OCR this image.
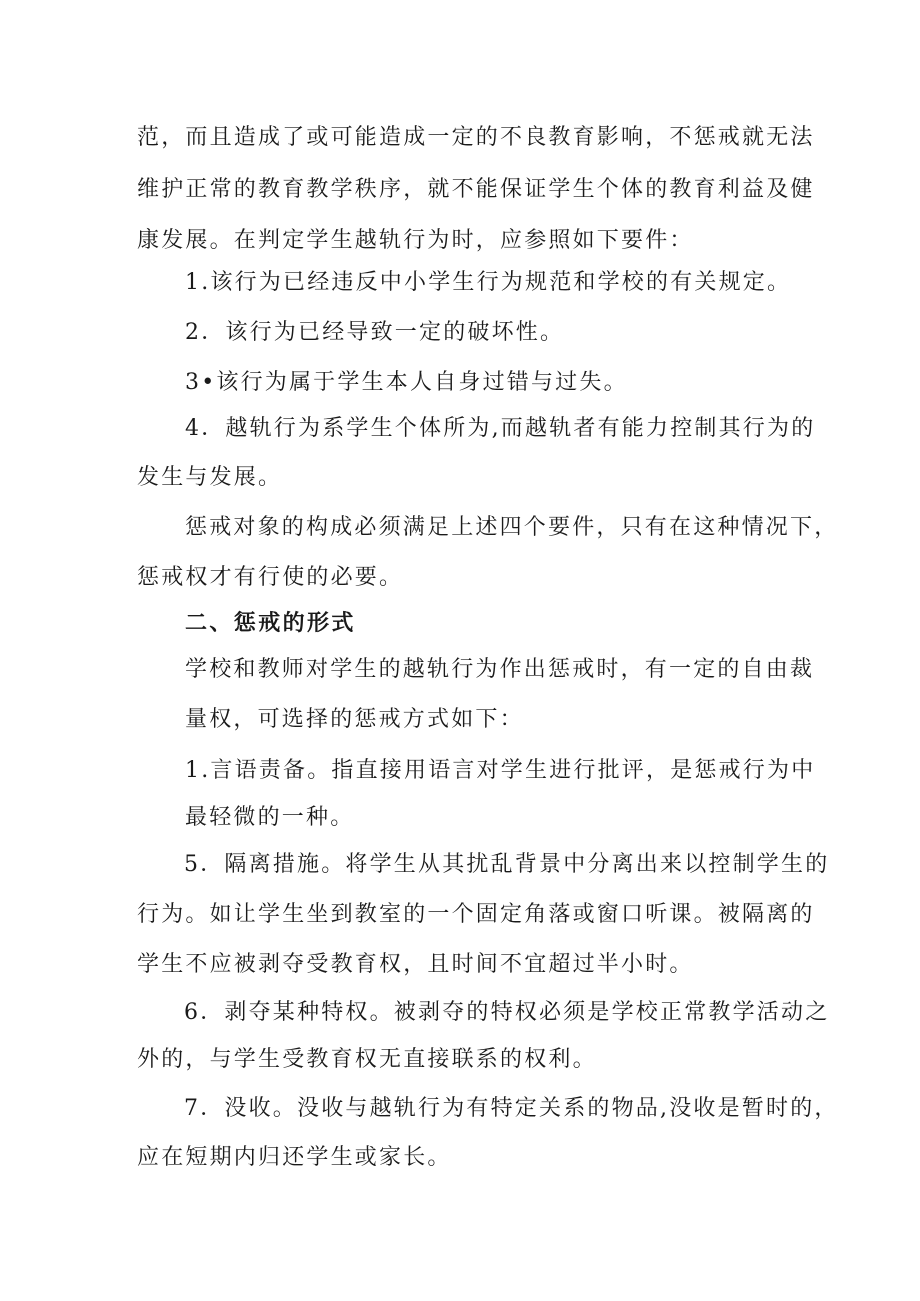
范，而且造成了或可能造成一定的不良教育影响，不惩戒就无法
维护正常的教育教学秩序，就不能保证学生个体的教育利益及健
康发展。在判定学生越轨行为时，应参照如下要件：
1.该行为已经违反中小学生行为规范和学校的有关规定。
2．该行为已经导致一定的破坏性。
3•该行为属于学生本人自身过错与过失。
4．越轨行为系学生个体所为,而越轨者有能力控制其行为的
发生与发展。
惩戒对象的构成必须满足上述四个要件，只有在这种情况下，
惩戒权才有行使的必要。
二、惩戒的形式
学校和教师对学生的越轨行为作出惩戒时，有一定的自由裁
量权，可选择的惩戒方式如下：
1.言语责备。指直接用语言对学生进行批评，是惩戒行为中
最轻微的一种。
5．隔离措施。将学生从其扰乱背景中分离出来以控制学生的
行为。如让学生坐到教室的一个固定角落或窗口听课。被隔离的
学生不应被剥夺受教育权，且时间不宜超过半小时。
6．剥夺某种特权。被剥夺的特权必须是学校正常教学活动之
外的，与学生受教育权无直接联系的权利。
7．没收。没收与越轨行为有特定关系的物品,没收是暂时的，
应在短期内归还学生或家长。
